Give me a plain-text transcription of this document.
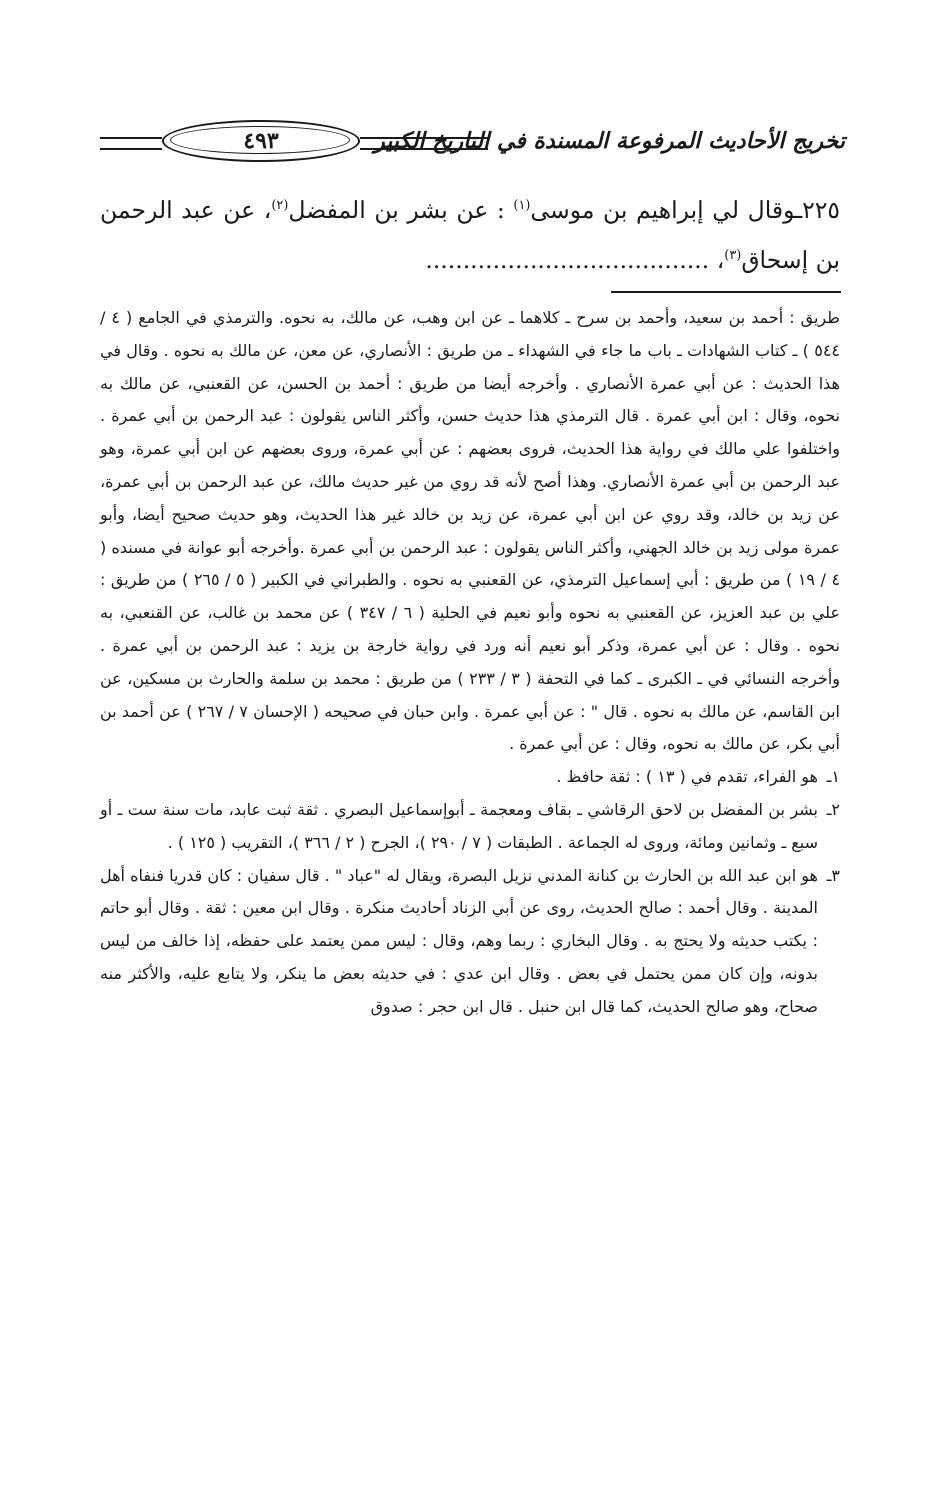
تخريج الأحاديث المرفوعة المسندة في التاريخ الكبير
٤٩٣

٢٢٥ـوقال لي إبراهيم بن موسى$^{(١)}$ : عن بشر بن المفضل$^{(٢)}$، عن عبد الرحمن بن إسحاق$^{(٣)}$، ......................................

طريق : أحمد بن سعيد، وأحمد بن سرح ـ كلاهما ـ عن ابن وهب، عن مالك، به نحوه. والترمذي في الجامع ( ٤ / ٥٤٤ ) ـ كتاب الشهادات ـ باب ما جاء في الشهداء ـ من طريق : الأنصاري، عن معن، عن مالك به نحوه . وقال في هذا الحديث : عن أبي عمرة الأنصاري . وأخرجه أيضا من طريق : أحمد بن الحسن، عن القعنبي، عن مالك به نحوه، وقال : ابن أبي عمرة . قال الترمذي هذا حديث حسن، وأكثر الناس يقولون : عبد الرحمن بن أبي عمرة . واختلفوا علي مالك في رواية هذا الحديث، فروى بعضهم : عن أبي عمرة، وروى بعضهم عن ابن أبي عمرة، وهو عبد الرحمن بن أبي عمرة الأنصاري. وهذا أصح لأنه قد روي من غير حديث مالك، عن عبد الرحمن بن أبي عمرة، عن زيد بن خالد، وقد روي عن ابن أبي عمرة، عن زيد بن خالد غير هذا الحديث، وهو حديث صحيح أيضا، وأبو عمرة مولى زيد بن خالد الجهني، وأكثر الناس يقولون : عبد الرحمن بن أبي عمرة .وأخرجه أبو عوانة في مسنده ( ٤ / ١٩ ) من طريق : أبي إسماعيل الترمذي، عن القعنبي به نحوه . والطبراني في الكبير ( ٥ / ٢٦٥ ) من طريق : علي بن عبد العزيز، عن القعنبي به نحوه وأبو نعيم في الحلية ( ٦ / ٣٤٧ ) عن محمد بن غالب، عن القنعبي، به نحوه . وقال : عن أبي عمرة، وذكر أبو نعيم أنه ورد في رواية خارجة بن يزيد : عبد الرحمن بن أبي عمرة . وأخرجه النسائي في ـ الكبرى ـ كما في التحفة ( ٣ / ٢٣٣ ) من طريق : محمد بن سلمة والحارث بن مسكين، عن ابن القاسم، عن مالك به نحوه . قال " : عن أبي عمرة . وابن حبان في صحيحه ( الإحسان ٧ / ٢٦٧ ) عن أحمد بن أبي بكر، عن مالك به نحوه، وقال : عن أبي عمرة .

١ـ
هو الفراء، تقدم في ( ١٣ ) : ثقة حافظ .

٢ـ
بشر بن المفضل بن لاحق الرقاشي ـ بقاف ومعجمة ـ أبوإسماعيل البصري . ثقة ثبت عابد، مات سنة ست ـ أو سبع ـ وثمانين ومائة، وروى له الجماعة . الطبقات ( ٧ / ٢٩٠ )، الجرح ( ٢ / ٣٦٦ )، التقريب ( ١٢٥ ) .

٣ـ
هو ابن عبد الله بن الحارث بن كنانة المدني نزيل البصرة، ويقال له "عباد " . قال سفيان : كان قدريا فنفاه أهل المدينة . وقال أحمد : صالح الحديث، روى عن أبي الزناد أحاديث منكرة . وقال ابن معين : ثقة . وقال أبو حاتم : يكتب حديثه ولا يحتج به . وقال البخاري : ربما وهم، وقال : ليس ممن يعتمد على حفظه، إذا خالف من ليس بدونه، وإن كان ممن يحتمل في بعض . وقال ابن عدي : في حديثه بعض ما ينكر، ولا يتابع عليه، والأكثر منه صحاح، وهو صالح الحديث، كما قال ابن حنبل . قال ابن حجر : صدوق
